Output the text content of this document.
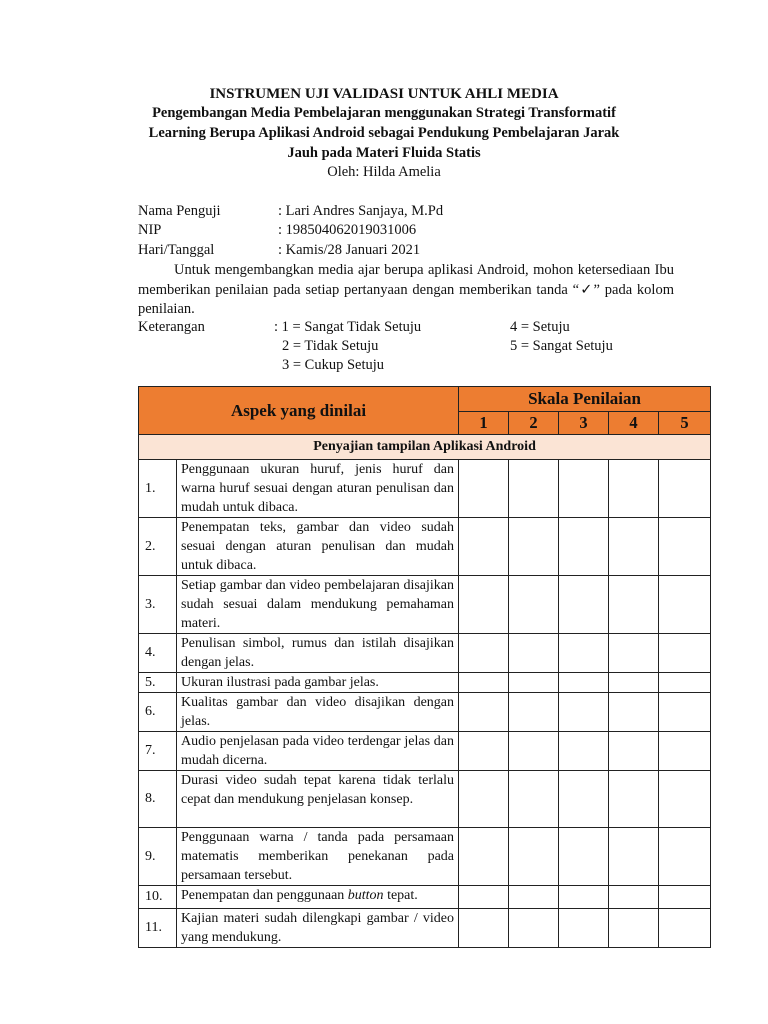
INSTRUMEN UJI VALIDASI UNTUK AHLI MEDIA
Pengembangan Media Pembelajaran menggunakan Strategi Transformatif
Learning Berupa Aplikasi Android sebagai Pendukung Pembelajaran Jarak
Jauh pada Materi Fluida Statis
Oleh: Hilda Amelia
Nama Penguji	: Lari Andres Sanjaya, M.Pd
NIP	: 198504062019031006
Hari/Tanggal	: Kamis/28 Januari 2021
Untuk mengembangkan media ajar berupa aplikasi Android, mohon ketersediaan Ibu memberikan penilaian pada setiap pertanyaan dengan memberikan tanda “✓” pada kolom penilaian.
Keterangan	: 1 = Sangat Tidak Setuju
2 = Tidak Setuju
3 = Cukup Setuju
4 = Setuju
5 = Sangat Setuju
Aspek yang dinilai		Skala Penilaian				
		1	2	3	4	5
Penyajian tampilan Aplikasi Android						
1.	Penggunaan ukuran huruf, jenis huruf dan warna huruf sesuai dengan aturan penulisan dan mudah untuk dibaca.					
2.	Penempatan teks, gambar dan video sudah sesuai dengan aturan penulisan dan mudah untuk dibaca.					
3.	Setiap gambar dan video pembelajaran disajikan sudah sesuai dalam mendukung pemahaman materi.					
4.	Penulisan simbol, rumus dan istilah disajikan dengan jelas.					
5.	Ukuran ilustrasi pada gambar jelas.					
6.	Kualitas gambar dan video disajikan dengan jelas.					
7.	Audio penjelasan pada video terdengar jelas dan mudah dicerna.					
8.	Durasi video sudah tepat karena tidak terlalu cepat dan mendukung penjelasan konsep.					
9.	Penggunaan warna / tanda pada persamaan matematis memberikan penekanan pada persamaan tersebut.					
10.	Penempatan dan penggunaan button tepat.					
11.	Kajian materi sudah dilengkapi gambar / video yang mendukung.					
